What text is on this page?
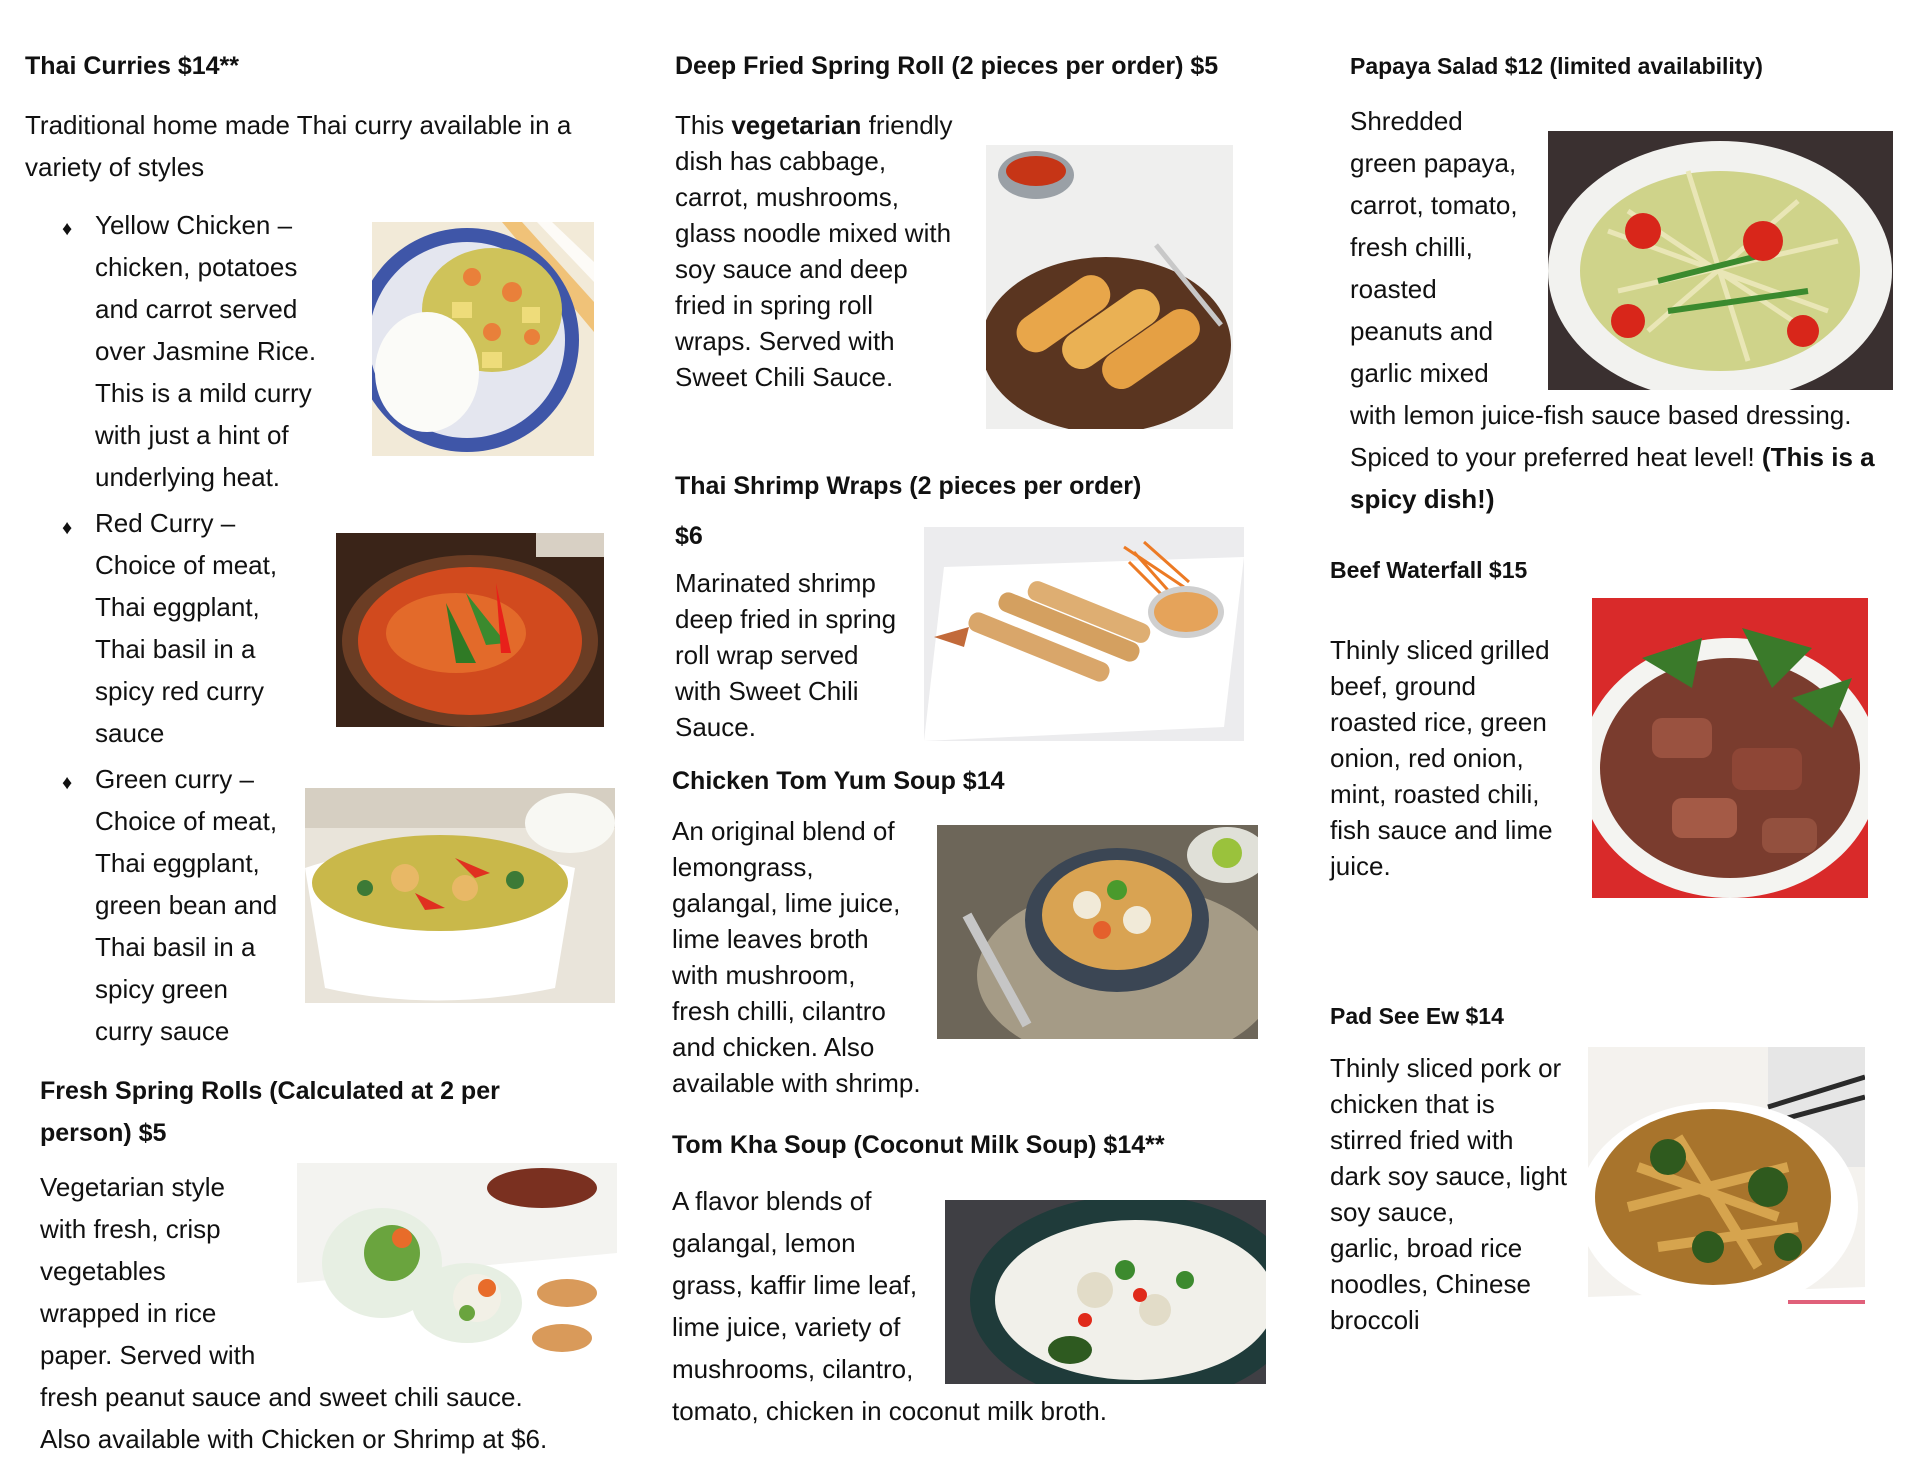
Thai Curries $14**
Traditional home made Thai curry available in a
variety of styles
♦ Yellow Chicken –
chicken, potatoes
and carrot served
over Jasmine Rice.
This is a mild curry
with just a hint of
underlying heat.
♦ Red Curry –
Choice of meat,
Thai eggplant,
Thai basil in a
spicy red curry
sauce
♦ Green curry –
Choice of meat,
Thai eggplant,
green bean and
Thai basil in a
spicy green
curry sauce
Fresh Spring Rolls (Calculated at 2 per
person) $5
Vegetarian style
with fresh, crisp
vegetables
wrapped in rice
paper. Served with
fresh peanut sauce and sweet chili sauce.
Also available with Chicken or Shrimp at $6.
Deep Fried Spring Roll (2 pieces per order) $5
This vegetarian friendly
dish has cabbage,
carrot, mushrooms,
glass noodle mixed with
soy sauce and deep
fried in spring roll
wraps. Served with
Sweet Chili Sauce.
Thai Shrimp Wraps (2 pieces per order)
$6
Marinated shrimp
deep fried in spring
roll wrap served
with Sweet Chili
Sauce.
Chicken Tom Yum Soup $14
An original blend of
lemongrass,
galangal, lime juice,
lime leaves broth
with mushroom,
fresh chilli, cilantro
and chicken. Also
available with shrimp.
Tom Kha Soup (Coconut Milk Soup) $14**
A flavor blends of
galangal, lemon
grass, kaffir lime leaf,
lime juice, variety of
mushrooms, cilantro,
tomato, chicken in coconut milk broth.
Papaya Salad $12 (limited availability)
Shredded
green papaya,
carrot, tomato,
fresh chilli,
roasted
peanuts and
garlic mixed
with lemon juice-fish sauce based dressing.
Spiced to your preferred heat level! (This is a
spicy dish!)
Beef Waterfall $15
Thinly sliced grilled
beef, ground
roasted rice, green
onion, red onion,
mint, roasted chili,
fish sauce and lime
juice.
Pad See Ew $14
Thinly sliced pork or
chicken that is
stirred fried with
dark soy sauce, light
soy sauce,
garlic, broad rice
noodles, Chinese
broccoli
